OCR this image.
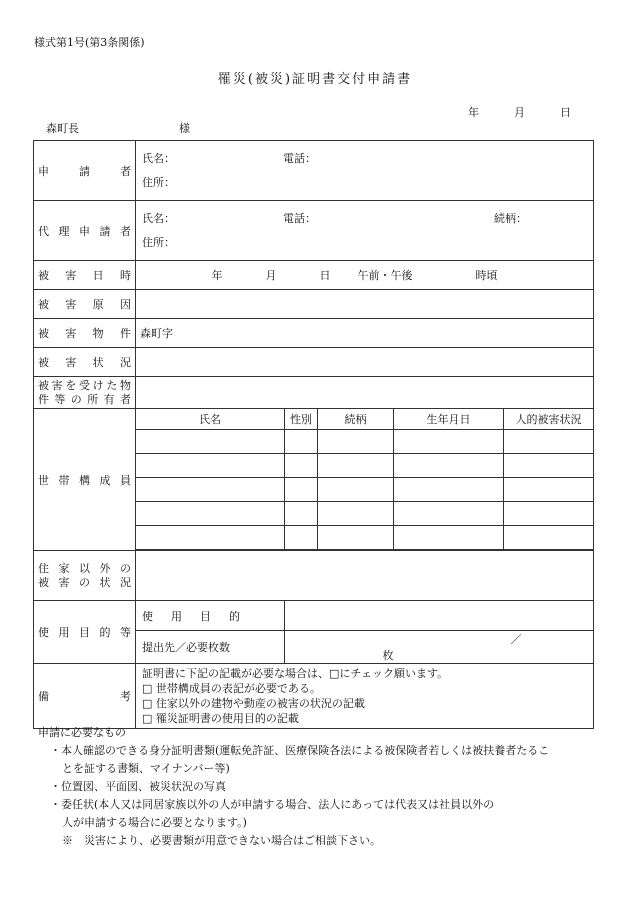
様式第1号(第3条関係)
罹災(被災)証明書交付申請書
年	月	日
森町長	様
申請者	氏名： 電話：
住所：				

代理申請者	氏名： 電話： 続柄：
住所：				

被害日時	年 月 日 午前・午後 時頃				
被害原因					
被害物件	森町字				
被害状況					

被害を受けた物
件等の所有者					

世帯構成員	氏名	性別	続柄	生年月日	人的被害状況

住家以外の
被害の状況					

使用目的等	使用目的				

	提出先／必要枚数	／  枚			
備考	証明書に下記の記載が必要な場合は、□にチェック願います。
□ 世帯構成員の表記が必要である。
□ 住家以外の建物や動産の被害の状況の記載
□ 罹災証明書の使用目的の記載				
申請に必要なもの
・本人確認のできる身分証明書類(運転免許証、医療保険各法による被保険者若しくは被扶養者たるこ
とを証する書類、マイナンバー等)
・位置図、平面図、被災状況の写真
・委任状(本人又は同居家族以外の人が申請する場合、法人にあっては代表又は社員以外の
人が申請する場合に必要となります。)
※　災害により、必要書類が用意できない場合はご相談下さい。
